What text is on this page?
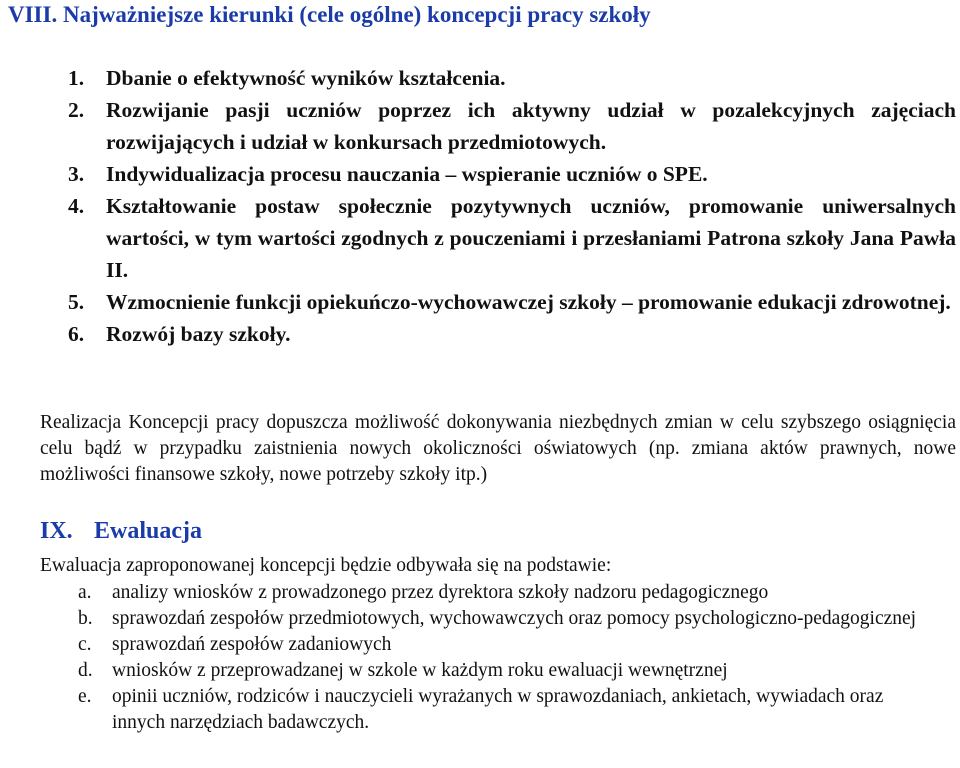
VIII. Najważniejsze kierunki (cele ogólne) koncepcji pracy szkoły
1. Dbanie o efektywność wyników kształcenia.
2. Rozwijanie pasji uczniów poprzez ich aktywny udział w pozalekcyjnych zajęciach rozwijających i udział w konkursach przedmiotowych.
3. Indywidualizacja procesu nauczania – wspieranie uczniów o SPE.
4. Kształtowanie postaw społecznie pozytywnych uczniów, promowanie uniwersalnych wartości, w tym wartości zgodnych z pouczeniami i przesłaniami Patrona szkoły Jana Pawła II.
5. Wzmocnienie funkcji opiekuńczo-wychowawczej szkoły – promowanie edukacji zdrowotnej.
6. Rozwój bazy szkoły.

Realizacja Koncepcji pracy dopuszcza możliwość dokonywania niezbędnych zmian w celu szybszego osiągnięcia celu bądź w przypadku zaistnienia nowych okoliczności oświatowych (np. zmiana aktów prawnych, nowe możliwości finansowe szkoły, nowe potrzeby szkoły itp.)

IX. Ewaluacja

Ewaluacja zaproponowanej koncepcji będzie odbywała się na podstawie:

a. analizy wniosków z prowadzonego przez dyrektora szkoły nadzoru pedagogicznego
b. sprawozdań zespołów przedmiotowych, wychowawczych oraz pomocy psychologiczno-pedagogicznej
c. sprawozdań zespołów zadaniowych
d. wniosków z przeprowadzanej w szkole w każdym roku ewaluacji wewnętrznej
e. opinii uczniów, rodziców i nauczycieli wyrażanych w sprawozdaniach, ankietach, wywiadach oraz innych narzędziach badawczych.
